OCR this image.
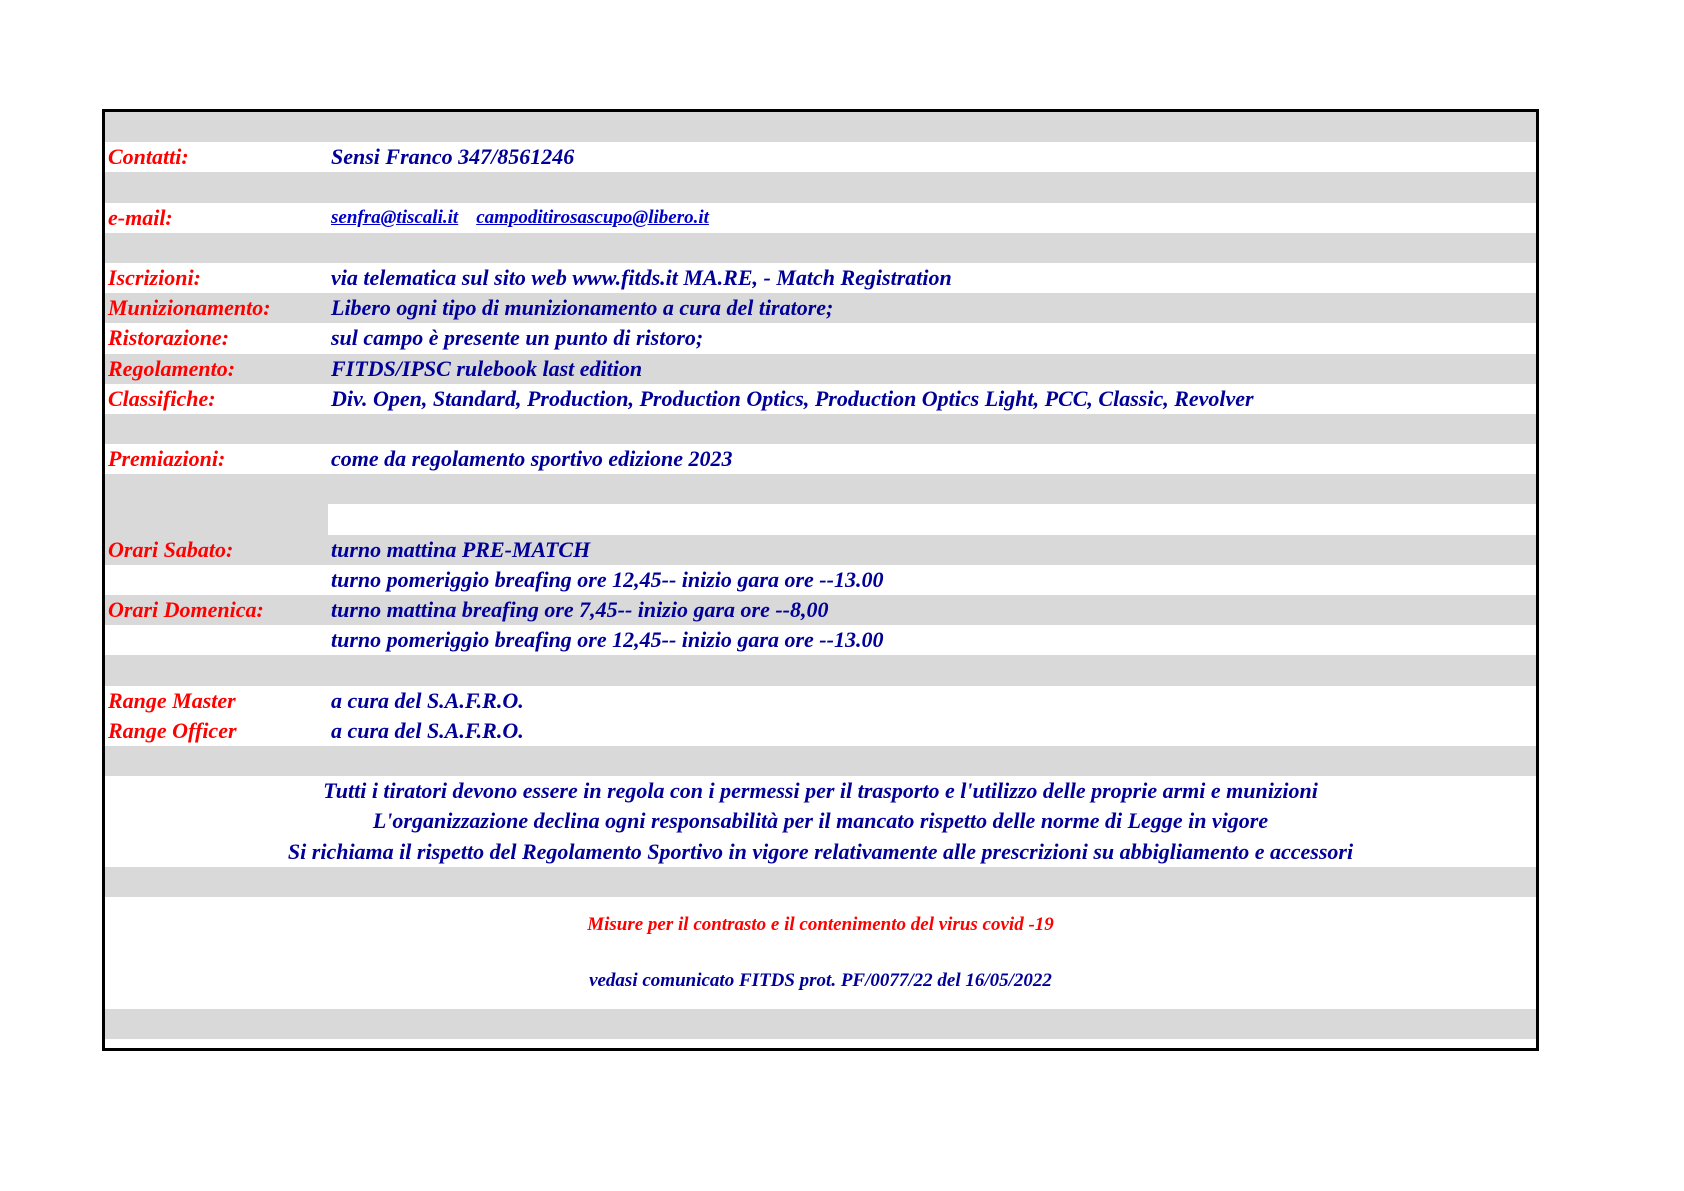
Contatti:	Sensi Franco 347/8561246
e-mail:	senfra@tiscali.it campoditirosascupo@libero.it
Iscrizioni:	via telematica sul sito web www.fitds.it MA.RE, - Match Registration
Munizionamento:	Libero ogni tipo di munizionamento a cura del tiratore;
Ristorazione:	sul campo è presente un punto di ristoro;
Regolamento:	FITDS/IPSC rulebook last edition
Classifiche:	Div. Open, Standard, Production, Production Optics, Production Optics Light, PCC, Classic, Revolver
Premiazioni:	come da regolamento sportivo edizione 2023
Orari Sabato:	turno mattina PRE-MATCH
turno pomeriggio breafing ore 12,45-- inizio gara ore --13.00
Orari Domenica:	turno mattina breafing ore 7,45-- inizio gara ore --8,00
turno pomeriggio breafing ore 12,45-- inizio gara ore --13.00
Range Master	a cura del S.A.F.R.O.
Range Officer	a cura del S.A.F.R.O.
Tutti i tiratori devono essere in regola con i permessi per il trasporto e l'utilizzo delle proprie armi e munizioni
L'organizzazione declina ogni responsabilità per il mancato rispetto delle norme di Legge in vigore
Si richiama il rispetto del Regolamento Sportivo in vigore relativamente alle prescrizioni su abbigliamento e accessori
Misure per il contrasto e il contenimento del virus covid -19
vedasi comunicato FITDS prot. PF/0077/22 del 16/05/2022
